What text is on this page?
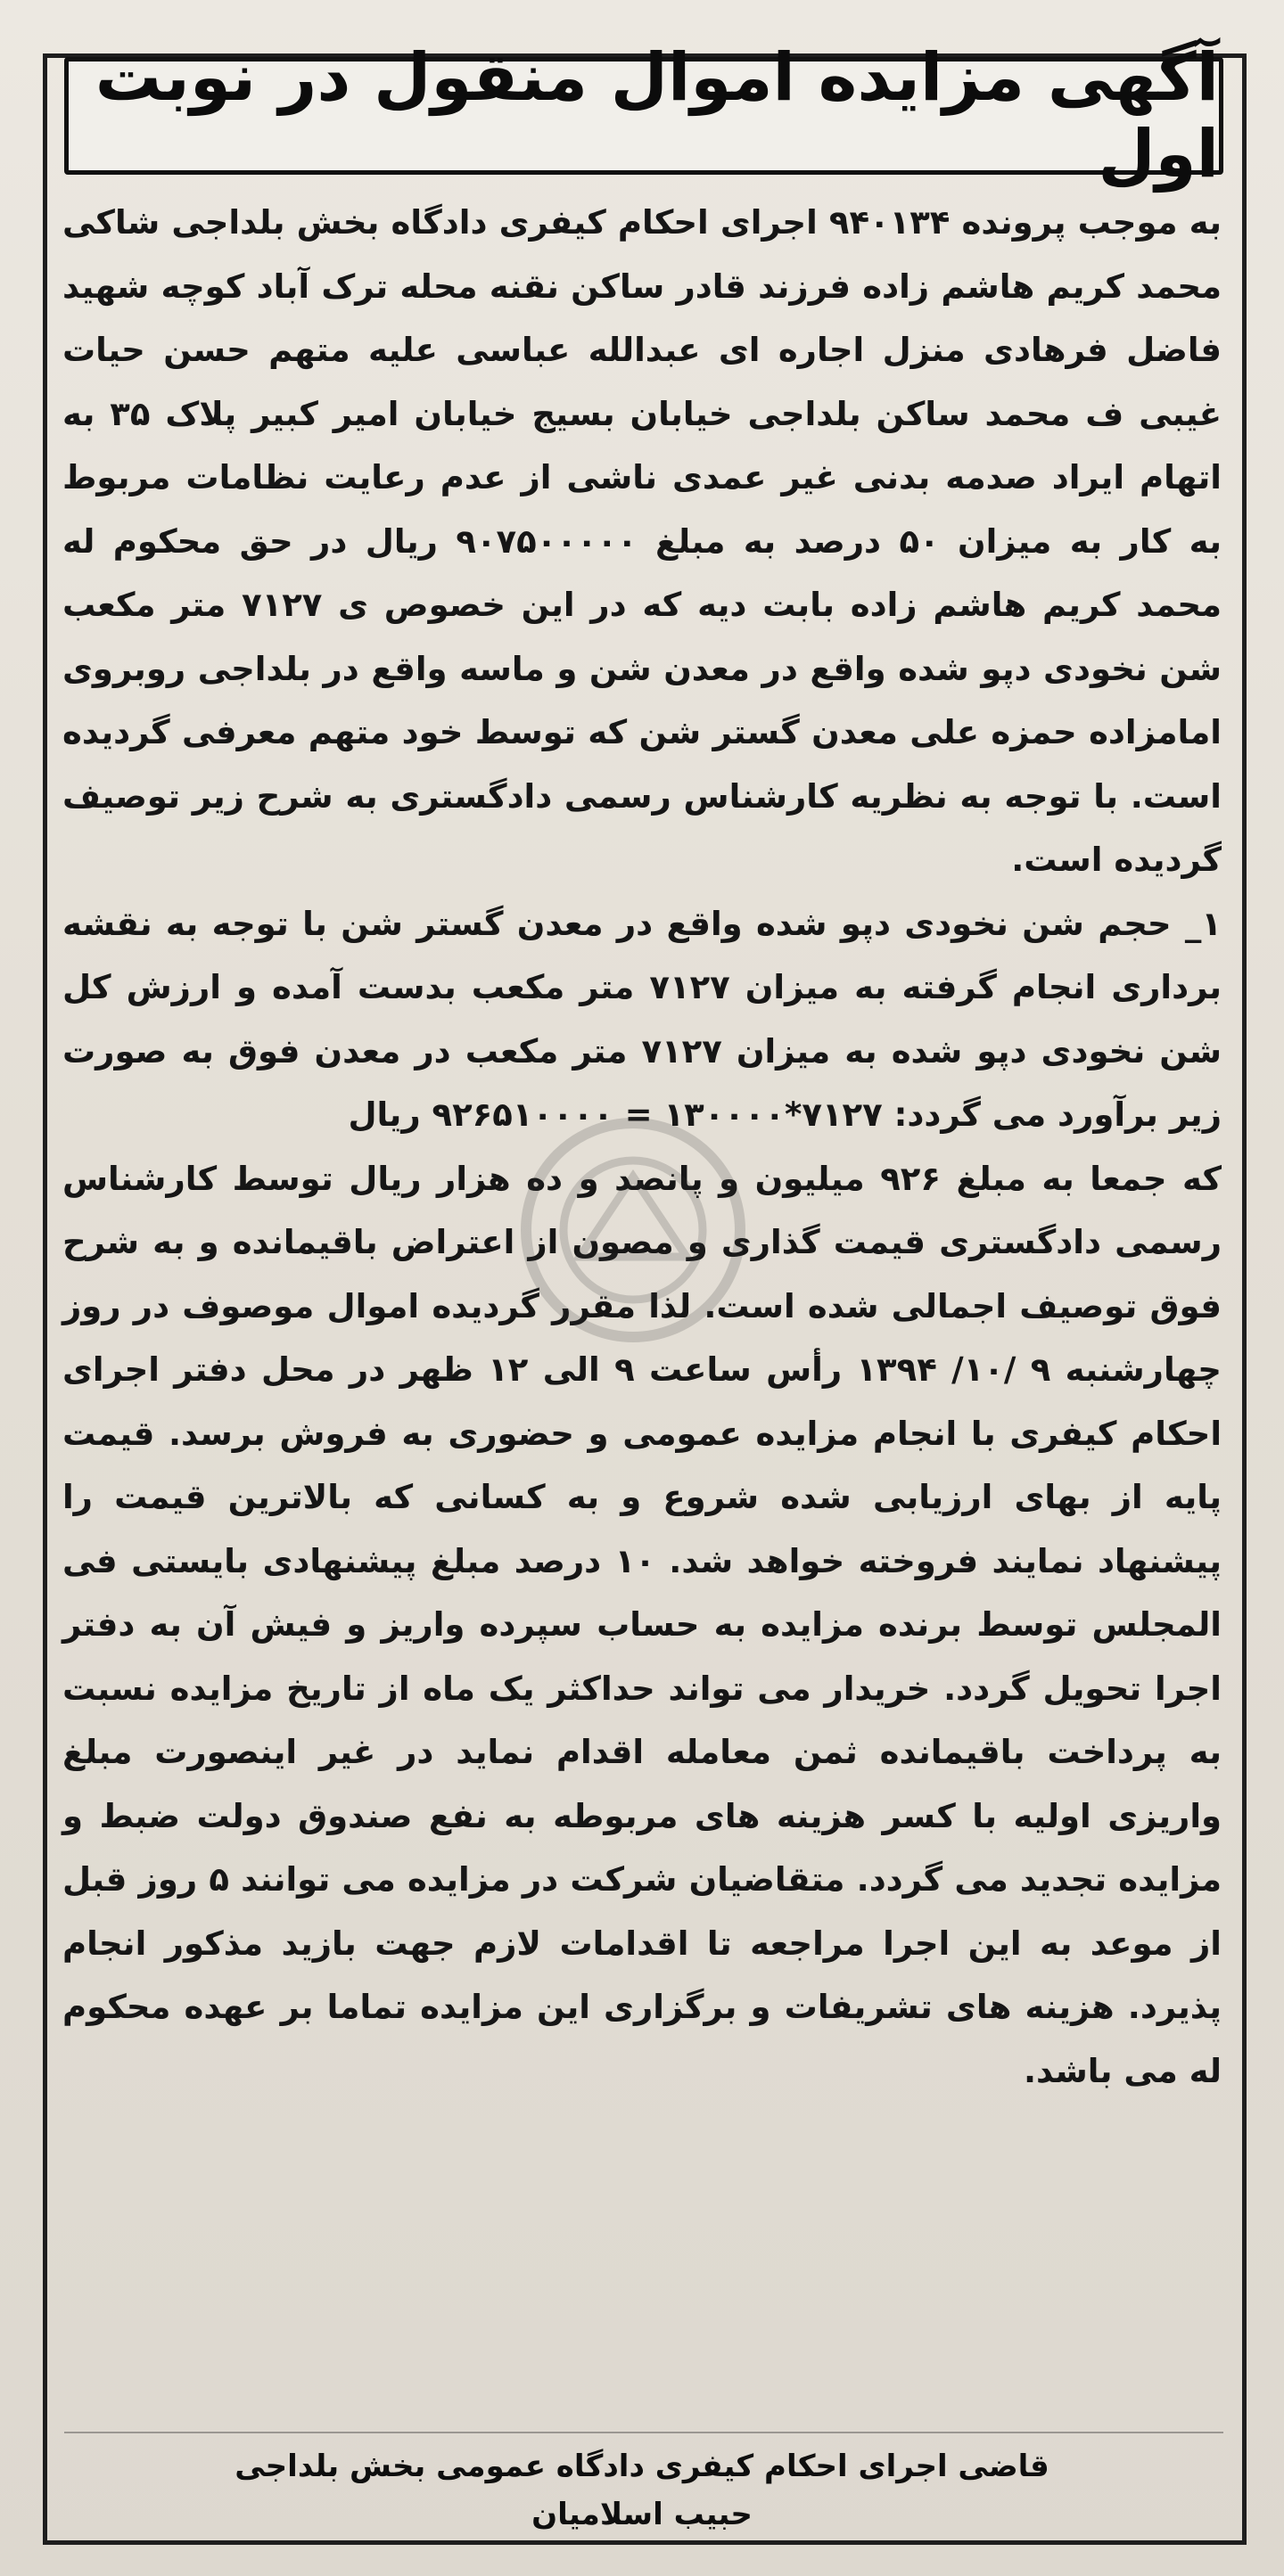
آگهی مزایده اموال منقول در نوبت اول

به موجب پرونده ۹۴۰۱۳۴ اجرای احکام کیفری دادگاه بخش بلداجی شاکی محمد کریم هاشم زاده فرزند قادر ساکن نقنه محله ترک آباد کوچه شهید فاضل فرهادی منزل اجاره ای عبدالله عباسی علیه متهم حسن حیات غیبی ف محمد ساکن بلداجی خیابان بسیج خیابان امیر کبیر پلاک ۳۵ به اتهام ایراد صدمه بدنی غیر عمدی ناشی از عدم رعایت نظامات مربوط به کار به میزان ۵۰ درصد به مبلغ ۹۰۷۵۰۰۰۰۰ ریال در حق محکوم له محمد کریم هاشم زاده بابت دیه که در این خصوص ی ۷۱۲۷ متر مکعب شن نخودی دپو شده واقع در معدن شن و ماسه واقع در بلداجی روبروی امامزاده حمزه علی معدن گستر شن که توسط خود متهم معرفی گردیده است. با توجه به نظریه کارشناس رسمی دادگستری به شرح زیر توصیف گردیده است.

۱_ حجم شن نخودی دپو شده واقع در معدن گستر شن با توجه به نقشه برداری انجام گرفته به میزان ۷۱۲۷ متر مکعب بدست آمده و ارزش کل شن نخودی دپو شده به میزان ۷۱۲۷ متر مکعب در معدن فوق به صورت زیر برآورد می گردد: ۷۱۲۷*۱۳۰۰۰۰ = ۹۲۶۵۱۰۰۰۰ ریال

که جمعا به مبلغ ۹۲۶ میلیون و پانصد و ده هزار ریال توسط کارشناس رسمی دادگستری قیمت گذاری و مصون از اعتراض باقیمانده و به شرح فوق توصیف اجمالی شده است. لذا مقرر گردیده اموال موصوف در روز چهارشنبه ۹ /۱۰/ ۱۳۹۴ رأس ساعت ۹ الی ۱۲ ظهر در محل دفتر اجرای احکام کیفری با انجام مزایده عمومی و حضوری به فروش برسد. قیمت پایه از بهای ارزیابی شده شروع و به کسانی که بالاترین قیمت را پیشنهاد نمایند فروخته خواهد شد. ۱۰ درصد مبلغ پیشنهادی بایستی فی المجلس توسط برنده مزایده به حساب سپرده واریز و فیش آن به دفتر اجرا تحویل گردد. خریدار می تواند حداکثر یک ماه از تاریخ مزایده نسبت به پرداخت باقیمانده ثمن معامله اقدام نماید در غیر اینصورت مبلغ واریزی اولیه با کسر هزینه های مربوطه به نفع صندوق دولت ضبط و مزایده تجدید می گردد. متقاضیان شرکت در مزایده می توانند ۵ روز قبل از موعد به این اجرا مراجعه تا اقدامات لازم جهت بازید مذکور انجام پذیرد. هزینه های تشریفات و برگزاری این مزایده تماما بر عهده محکوم له می باشد.

قاضی اجرای احکام کیفری دادگاه عمومی بخش بلداجی
حبیب اسلامیان
